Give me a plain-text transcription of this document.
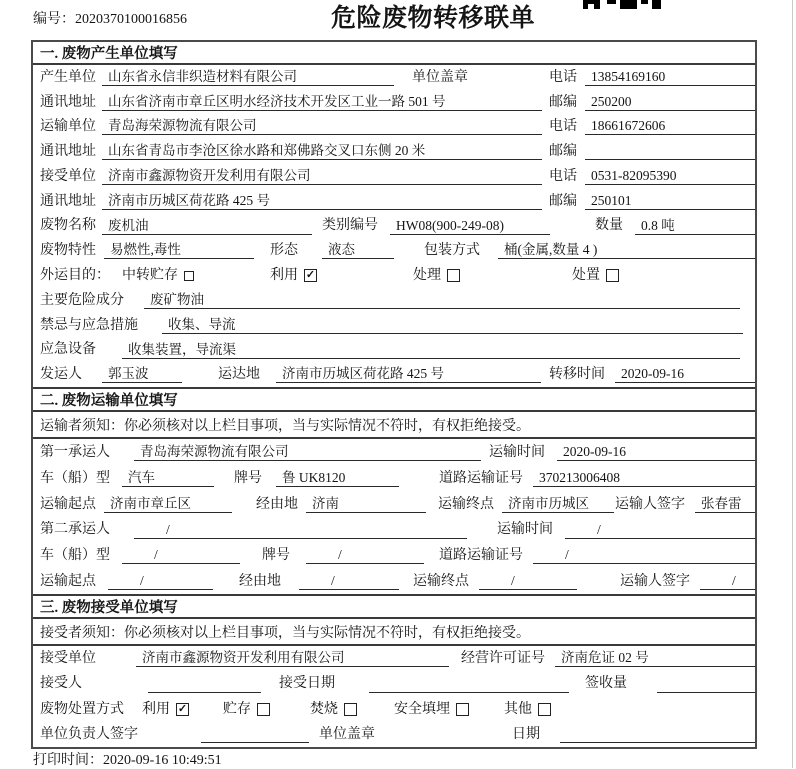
编号：2020370100016856	危险废物转移联单
一. 废物产生单位填写
产生单位 山东省永信非织造材料有限公司	单位盖章	电话	13854169160
通讯地址 山东省济南市章丘区明水经济技术开发区工业一路 501 号	邮编	250200
运输单位 青岛海荣源物流有限公司	电话	18661672606
通讯地址 山东省青岛市李沧区徐水路和郑佛路交叉口东侧 20 米	邮编
接受单位 济南市鑫源物资开发利用有限公司	电话	0531-82095390
通讯地址 济南市历城区荷花路 425 号	邮编	250101
废物名称 废机油	类别编号	HW08(900-249-08)	数量	0.8 吨
废物特性	易燃性,毒性	形态	液态	包装方式	桶(金属,数量 4 )
外运目的： 中转贮存	利用 ✓	处理	处置
主要危险成分	废矿物油
禁忌与应急措施	收集、导流
应急设备	收集装置，导流渠
发运人	郭玉波	运达地	济南市历城区荷花路 425 号	转移时间	2020-09-16
二. 废物运输单位填写
运输者须知：你必须核对以上栏目事项，当与实际情况不符时，有权拒绝接受。
第一承运人	青岛海荣源物流有限公司	运输时间	2020-09-16
车（船）型	汽车	牌号	鲁 UK8120	道路运输证号	370213006408
运输起点	济南市章丘区	经由地	济南	运输终点	济南市历城区	运输人签字	张春雷
第二承运人	/	运输时间	/
车（船）型	/	牌号	/	道路运输证号	/
运输起点	/	经由地	/	运输终点	/	运输人签字	/
三. 废物接受单位填写
接受者须知：你必须核对以上栏目事项，当与实际情况不符时，有权拒绝接受。
接受单位	济南市鑫源物资开发利用有限公司	经营许可证号	济南危证 02 号
接受人	接受日期	签收量
废物处置方式 利用 ✓	贮存	焚烧	安全填埋	其他
单位负责人签字	单位盖章	日期
打印时间：2020-09-16 10:49:51
